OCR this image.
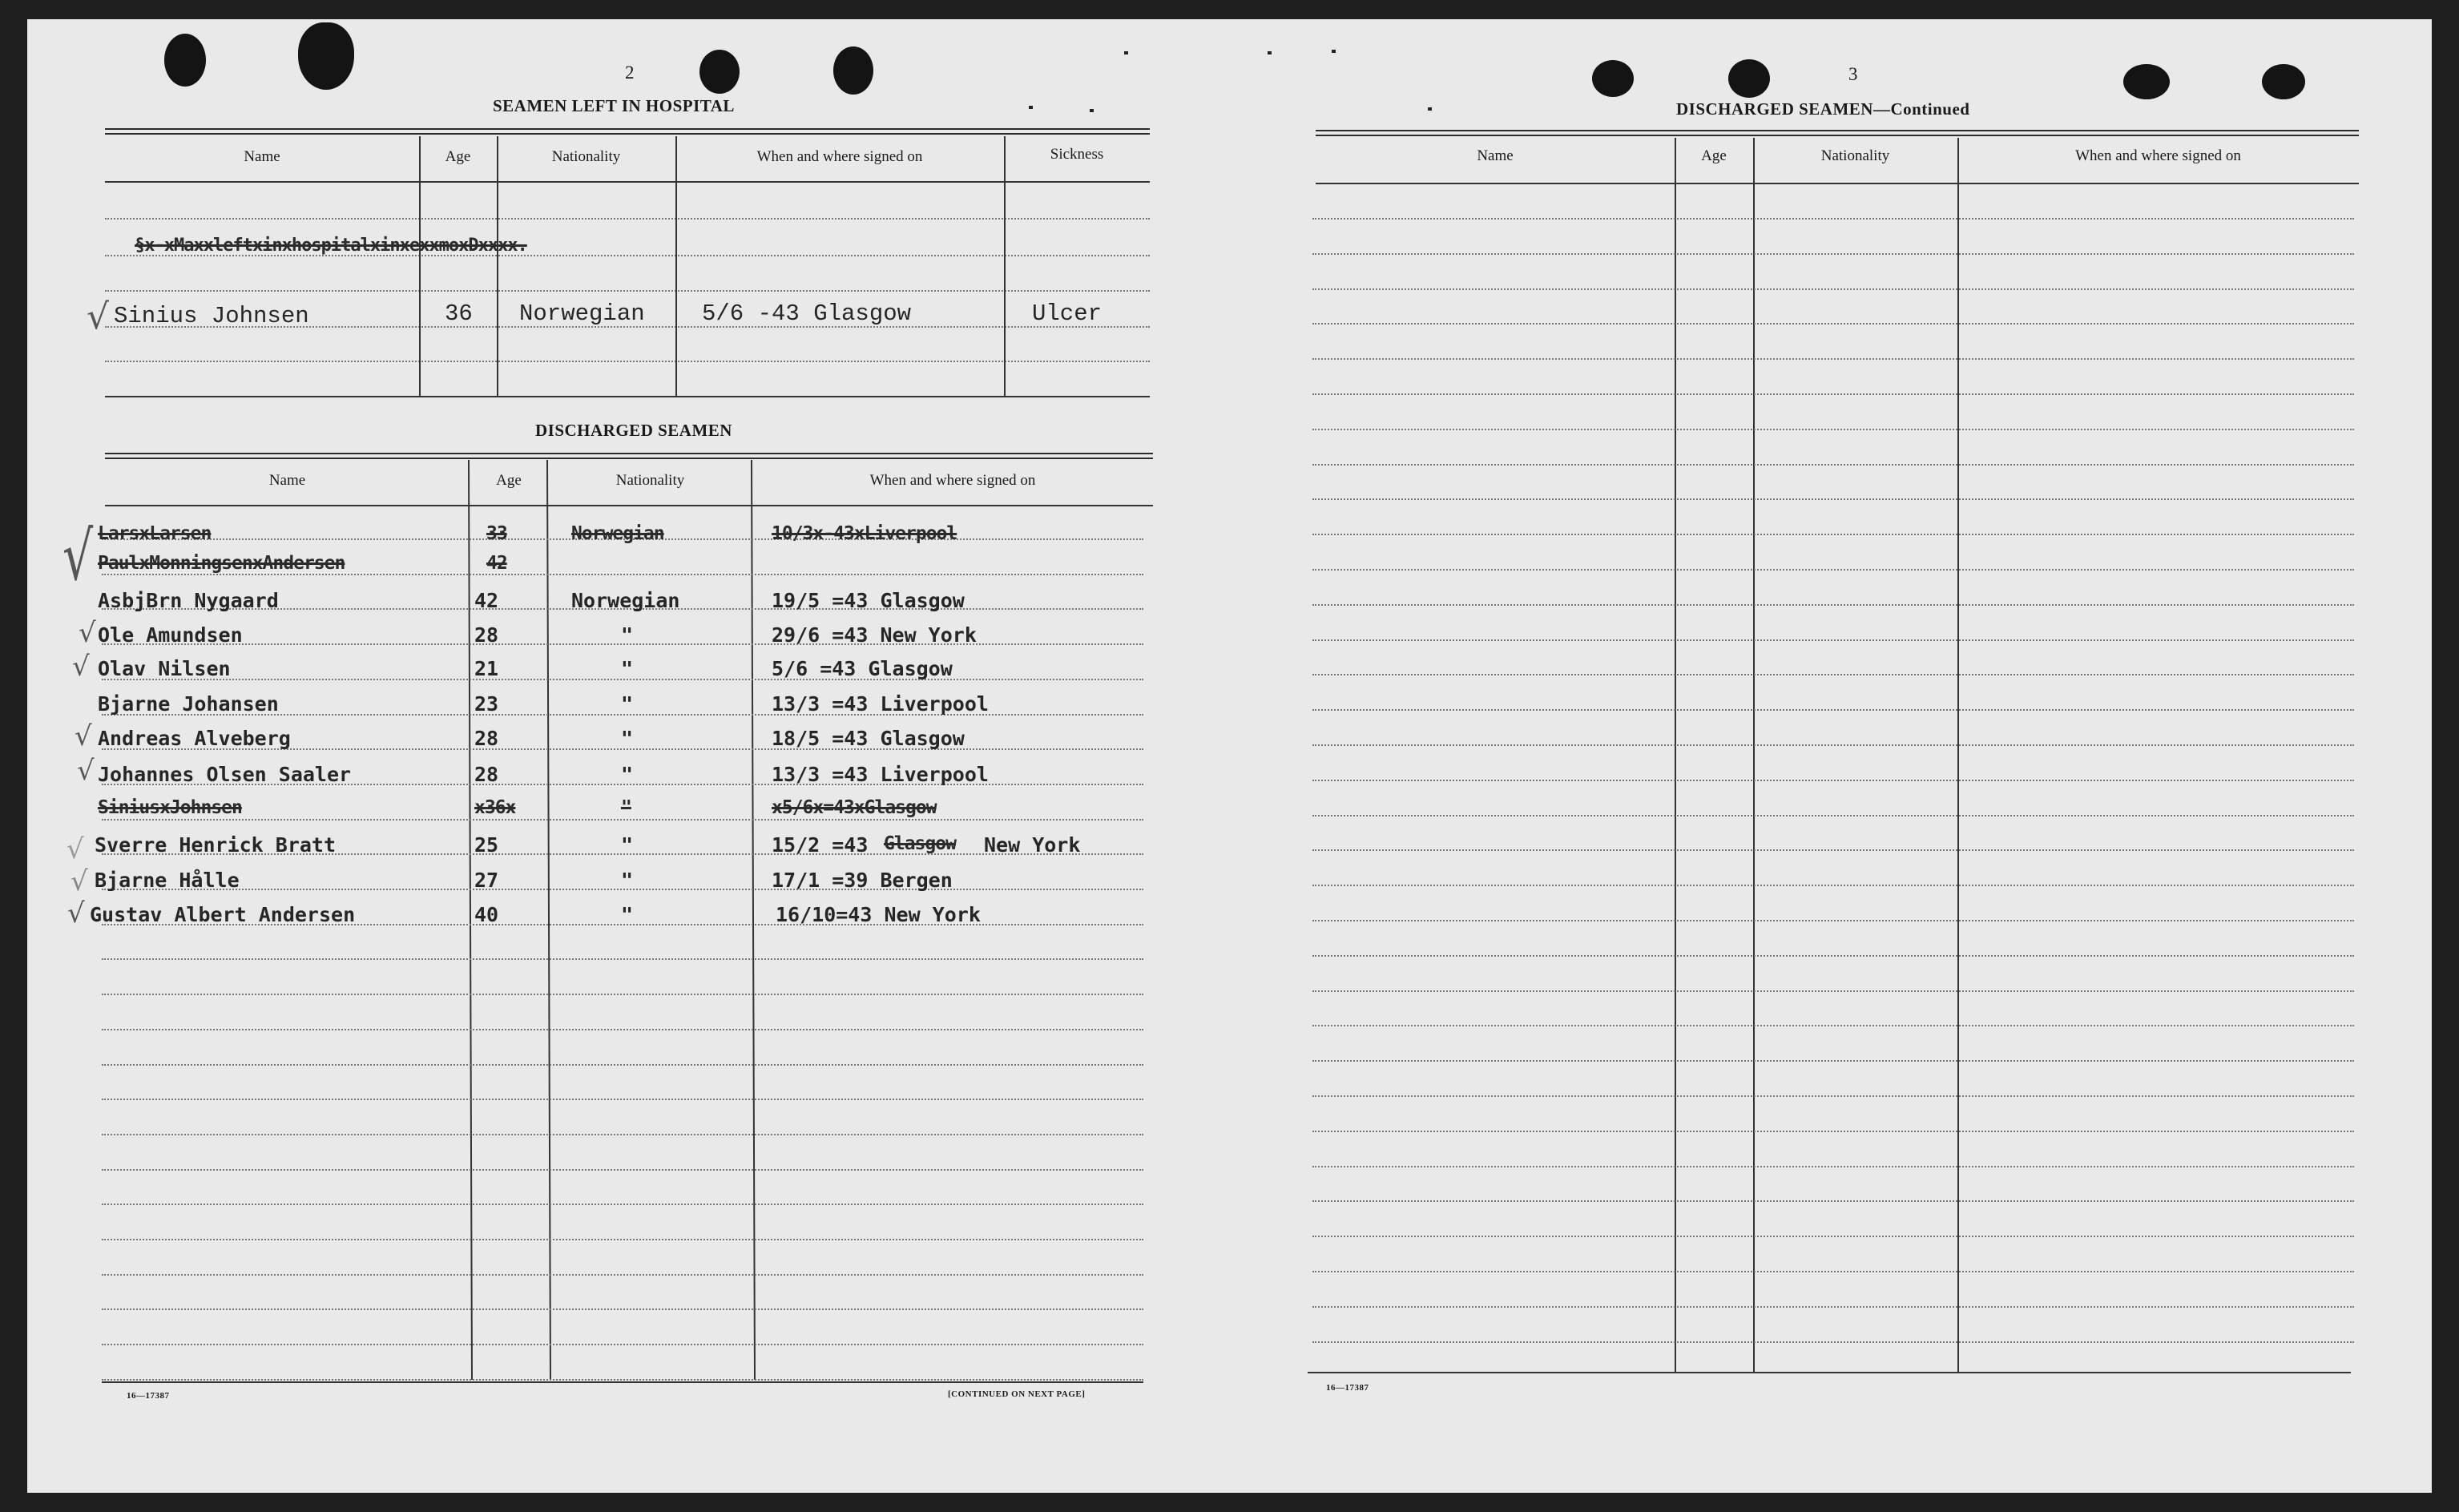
2
SEAMEN LEFT IN HOSPITAL
Name	Age	Nationality	When and where signed on	Sickness
§x-xMaxxleftxinxhospitalxinxexxmoxDxxxx.
√ Sinius Johnsen	36 Norwegian 5/6 -43 Glasgow	Ulcer
DISCHARGED SEAMEN
Name	Age	Nationality	When and where signed on
LarsxLarsen	33	Norwegian	10/3x-43xLiverpool
PaulxMonningsenxAndersen	42
AsbjBrn Nygaard	42	Norwegian	19/5 =43 Glasgow
Ole Amundsen	28	"	29/6 =43 New York
Olav Nilsen	21	"	5/6 =43 Glasgow
Bjarne Johansen	23	"	13/3 =43 Liverpool
Andreas Alveberg	28	"	18/5 =43 Glasgow
Johannes Olsen Saaler	28	"	13/3 =43 Liverpool
SiniusxJohnsen	x36x	"	x5/6x=43xGlasgow
Sverre Henrick Bratt	25	"	15/2 =43 Glasgow New York
Bjarne Hålle	27	"	17/1 =39 Bergen
Gustav Albert Andersen	40	"	16/10=43 New York
√
√
√
√
√
√
√
√
16—17387	[CONTINUED ON NEXT PAGE]
3
DISCHARGED SEAMEN—Continued
Name	Age	Nationality	When and where signed on
16—17387
